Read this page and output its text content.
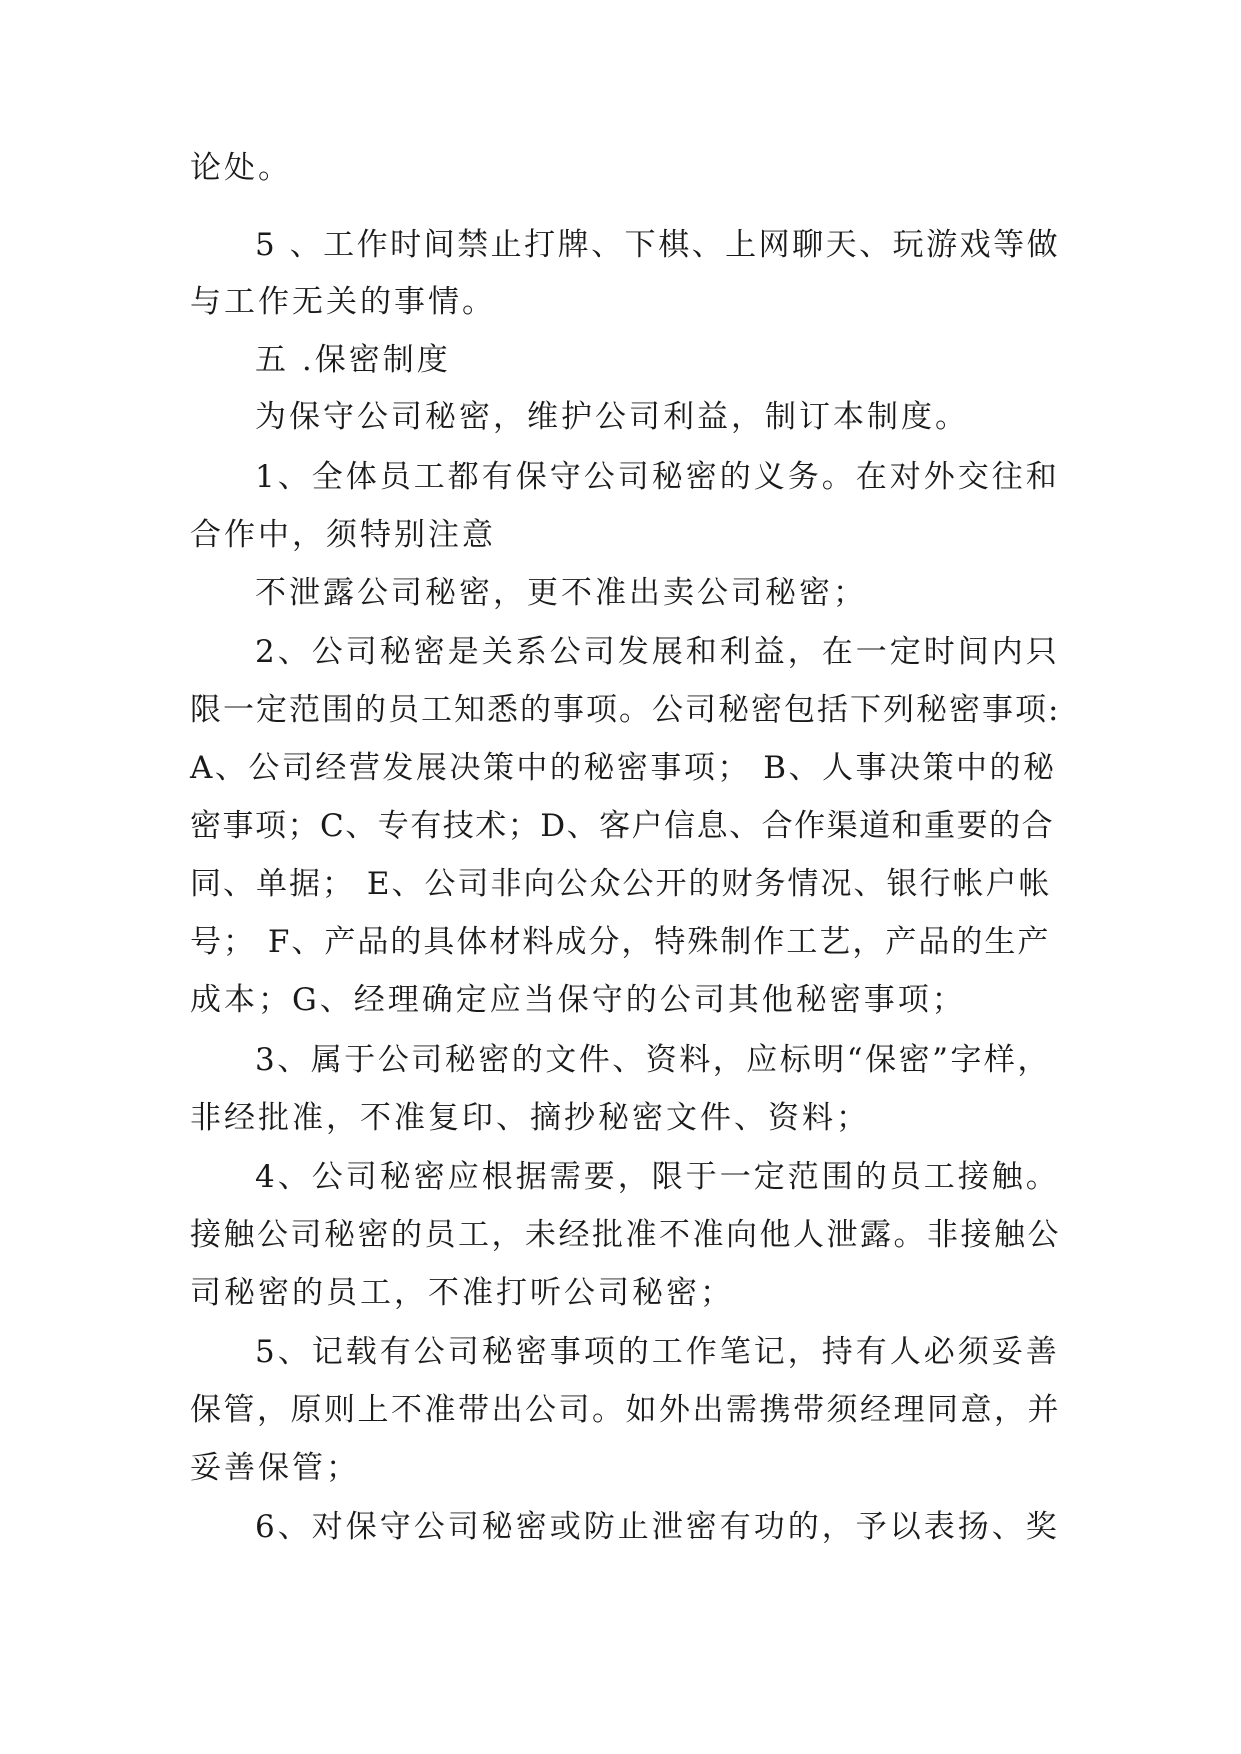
论处。
5 、工作时间禁止打牌、下棋、上网聊天、玩游戏等做
与工作无关的事情。
五 .保密制度
为保守公司秘密，维护公司利益，制订本制度。
1、全体员工都有保守公司秘密的义务。在对外交往和
合作中，须特别注意
不泄露公司秘密，更不准出卖公司秘密；
2、公司秘密是关系公司发展和利益，在一定时间内只
限一定范围的员工知悉的事项。公司秘密包括下列秘密事项:
A、公司经营发展决策中的秘密事项； B、人事决策中的秘
密事项；C、专有技术；D、客户信息、合作渠道和重要的合
同、单据； E、公司非向公众公开的财务情况、银行帐户帐
号； F、产品的具体材料成分，特殊制作工艺，产品的生产
成本；G、经理确定应当保守的公司其他秘密事项；
3、属于公司秘密的文件、资料，应标明“保密”字样，
非经批准，不准复印、摘抄秘密文件、资料；
4、公司秘密应根据需要，限于一定范围的员工接触。
接触公司秘密的员工，未经批准不准向他人泄露。非接触公
司秘密的员工，不准打听公司秘密；
5、记载有公司秘密事项的工作笔记，持有人必须妥善
保管，原则上不准带出公司。如外出需携带须经理同意，并
妥善保管；
6、对保守公司秘密或防止泄密有功的，予以表扬、奖
